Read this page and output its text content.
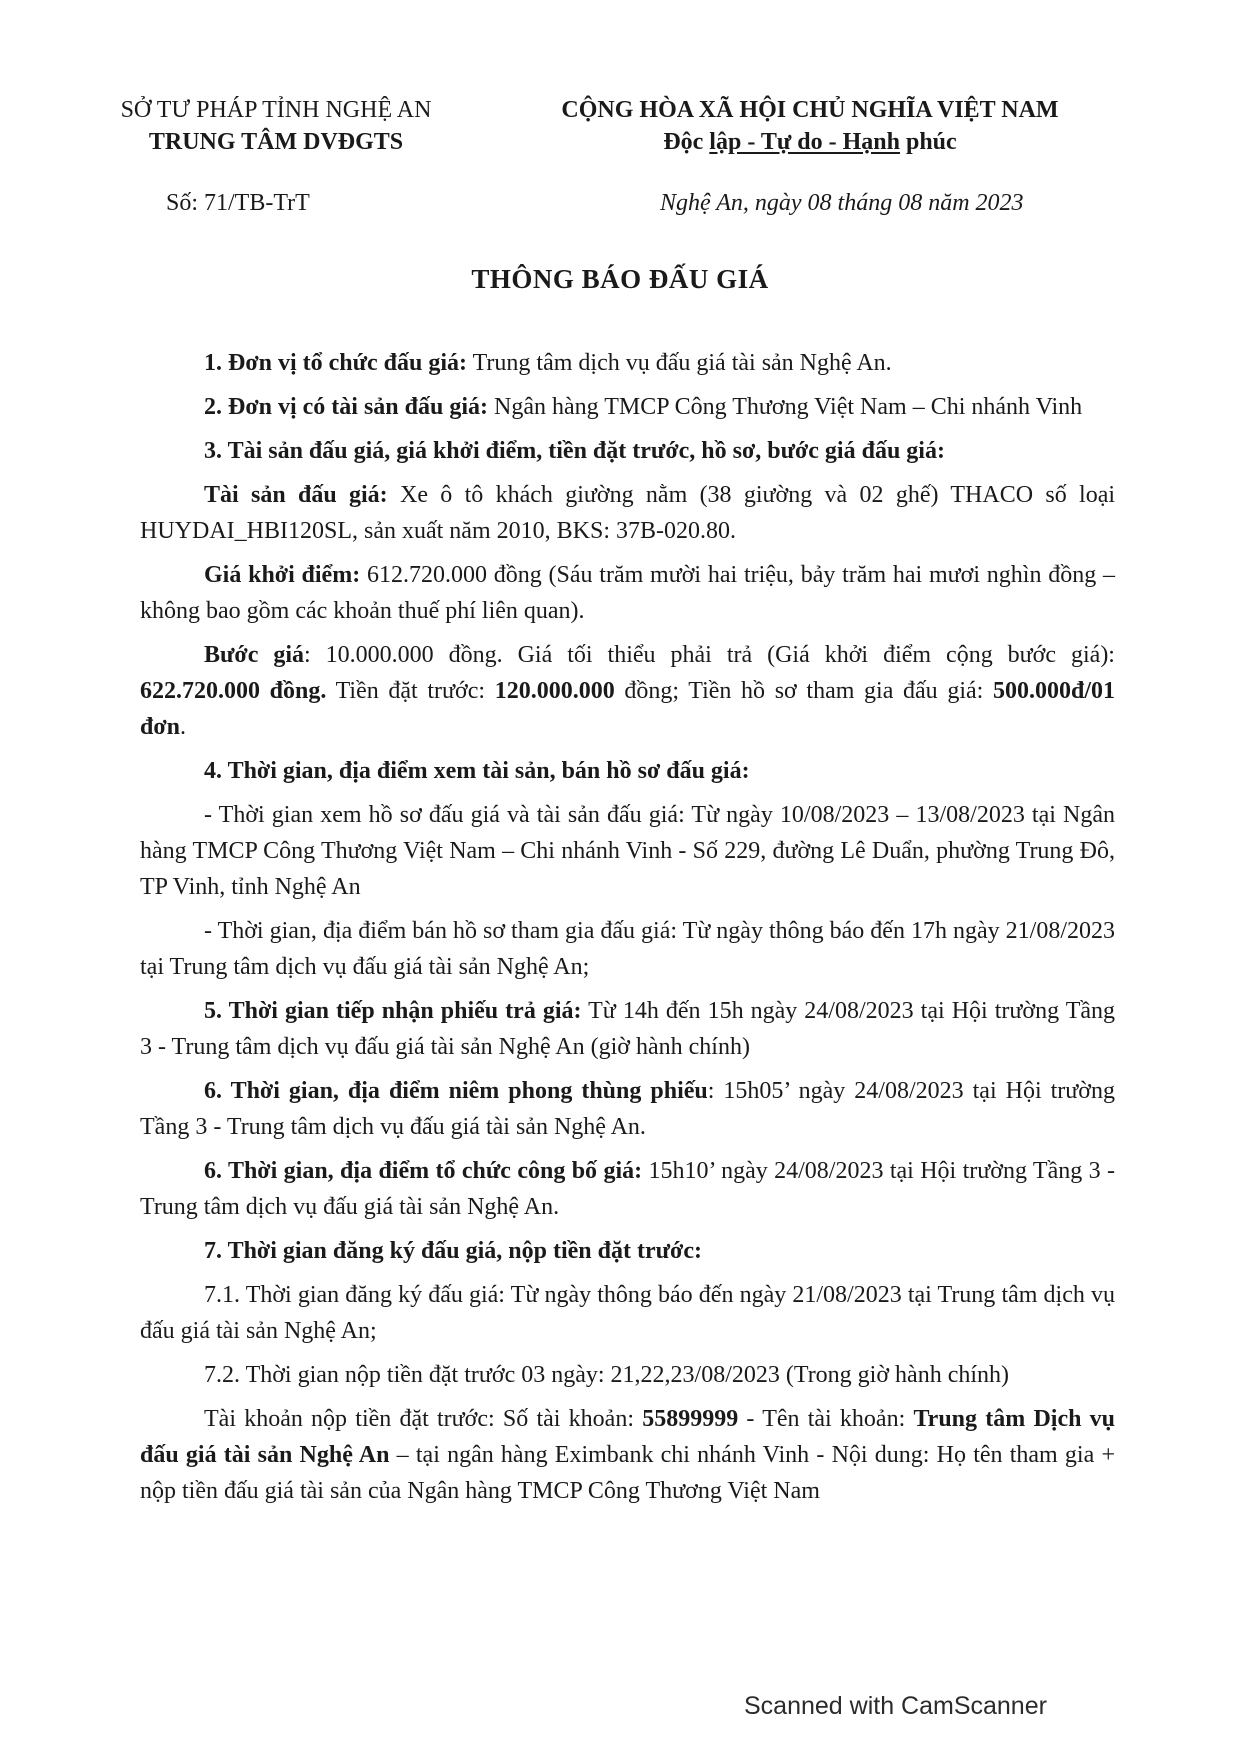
SỞ TƯ PHÁP TỈNH NGHỆ AN
TRUNG TÂM DVĐGTS
CỘNG HÒA XÃ HỘI CHỦ NGHĨA VIỆT NAM
Độc lập - Tự do - Hạnh phúc
Số: 71/TB-TrT	Nghệ An, ngày 08 tháng 08 năm 2023
THÔNG BÁO ĐẤU GIÁ

1. Đơn vị tổ chức đấu giá: Trung tâm dịch vụ đấu giá tài sản Nghệ An.

2. Đơn vị có tài sản đấu giá: Ngân hàng TMCP Công Thương Việt Nam – Chi nhánh Vinh

3. Tài sản đấu giá, giá khởi điểm, tiền đặt trước, hồ sơ, bước giá đấu giá:

Tài sản đấu giá: Xe ô tô khách giường nằm (38 giường và 02 ghế) THACO số loại HUYDAI_HBI120SL, sản xuất năm 2010, BKS: 37B-020.80.

Giá khởi điểm: 612.720.000 đồng (Sáu trăm mười hai triệu, bảy trăm hai mươi nghìn đồng – không bao gồm các khoản thuế phí liên quan).

Bước giá: 10.000.000 đồng. Giá tối thiểu phải trả (Giá khởi điểm cộng bước giá): 622.720.000 đồng. Tiền đặt trước: 120.000.000 đồng; Tiền hồ sơ tham gia đấu giá: 500.000đ/01 đơn.

4. Thời gian, địa điểm xem tài sản, bán hồ sơ đấu giá:

- Thời gian xem hồ sơ đấu giá và tài sản đấu giá: Từ ngày 10/08/2023 – 13/08/2023 tại Ngân hàng TMCP Công Thương Việt Nam – Chi nhánh Vinh - Số 229, đường Lê Duẩn, phường Trung Đô, TP Vinh, tỉnh Nghệ An

- Thời gian, địa điểm bán hồ sơ tham gia đấu giá: Từ ngày thông báo đến 17h ngày 21/08/2023 tại Trung tâm dịch vụ đấu giá tài sản Nghệ An;

5. Thời gian tiếp nhận phiếu trả giá: Từ 14h đến 15h ngày 24/08/2023 tại Hội trường Tầng 3 - Trung tâm dịch vụ đấu giá tài sản Nghệ An (giờ hành chính)

6. Thời gian, địa điểm niêm phong thùng phiếu: 15h05’ ngày 24/08/2023 tại Hội trường Tầng 3 - Trung tâm dịch vụ đấu giá tài sản Nghệ An.

6. Thời gian, địa điểm tổ chức công bố giá: 15h10’ ngày 24/08/2023 tại Hội trường Tầng 3 - Trung tâm dịch vụ đấu giá tài sản Nghệ An.

7. Thời gian đăng ký đấu giá, nộp tiền đặt trước:

7.1. Thời gian đăng ký đấu giá: Từ ngày thông báo đến ngày 21/08/2023 tại Trung tâm dịch vụ đấu giá tài sản Nghệ An;

7.2. Thời gian nộp tiền đặt trước 03 ngày: 21,22,23/08/2023 (Trong giờ hành chính)

Tài khoản nộp tiền đặt trước: Số tài khoản: 55899999 - Tên tài khoản: Trung tâm Dịch vụ đấu giá tài sản Nghệ An – tại ngân hàng Eximbank chi nhánh Vinh - Nội dung: Họ tên tham gia + nộp tiền đấu giá tài sản của Ngân hàng TMCP Công Thương Việt Nam

Scanned with CamScanner
